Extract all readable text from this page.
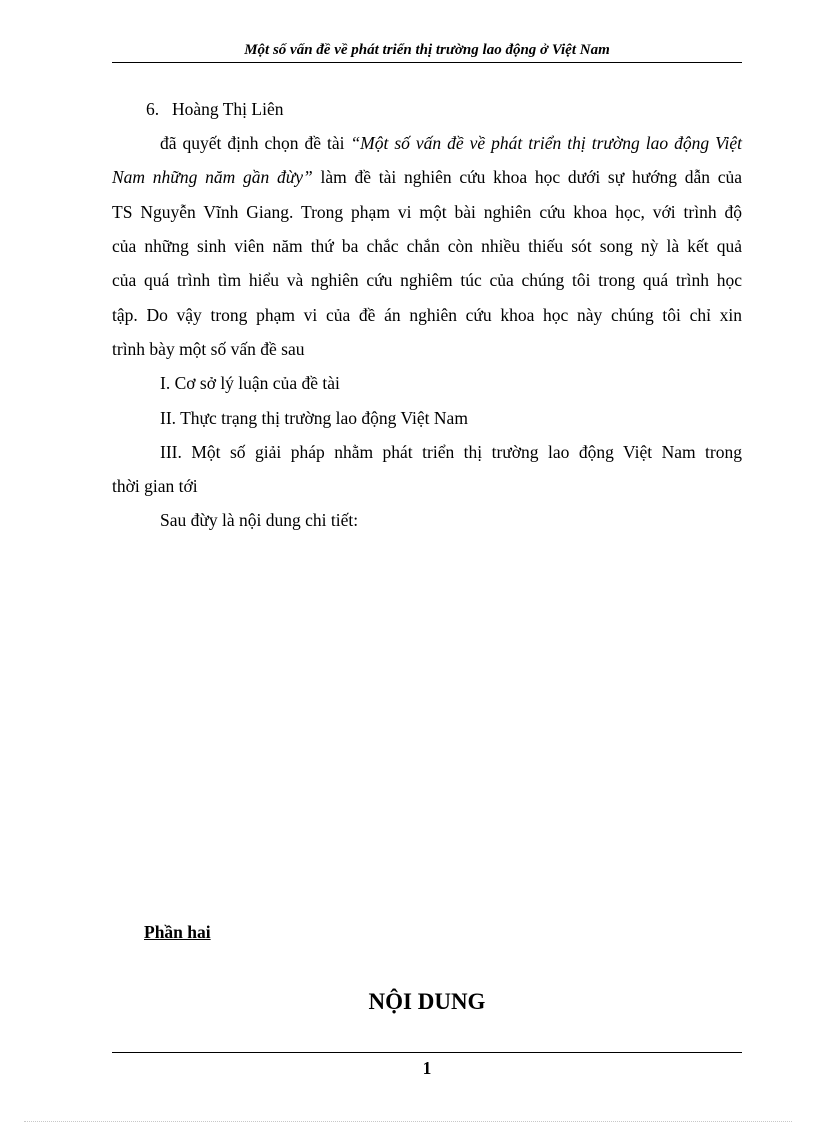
Một số vấn đề về phát triển thị trường lao động ở Việt Nam
6. Hoàng Thị Liên
đã quyết định chọn đề tài “Một số vấn đề về phát triển thị trường lao động Việt
Nam những năm gần đừy” làm đề tài nghiên cứu khoa học dưới sự hướng dẫn của
TS Nguyễn Vĩnh Giang. Trong phạm vi một bài nghiên cứu khoa học, với trình độ
của những sinh viên năm thứ ba chắc chắn còn nhiều thiếu sót song nỳ là kết quả
của quá trình tìm hiểu và nghiên cứu nghiêm túc của chúng tôi trong quá trình học
tập. Do vậy trong phạm vi của đề án nghiên cứu khoa học này chúng tôi chỉ xin
trình bày một số vấn đề sau
I. Cơ sở lý luận của đề tài
II. Thực trạng thị trường lao động Việt Nam
III. Một số giải pháp nhằm phát triển thị trường lao động Việt Nam trong
thời gian tới
Sau đừy là nội dung chi tiết:
Phần hai
NỘI DUNG
1
